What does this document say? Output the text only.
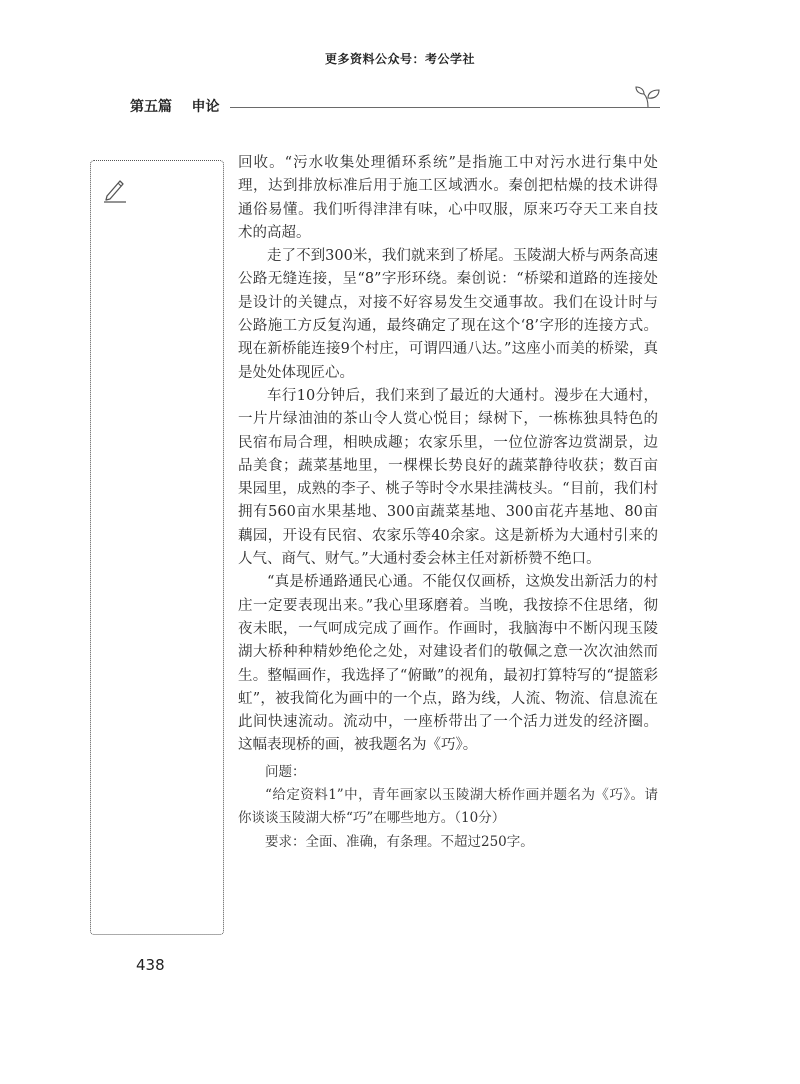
更多资料公众号：考公学社
第五篇    申论

回收。“污水收集处理循环系统”是指施工中对污水进行集中处理，达到排放标准后用于施工区域洒水。秦创把枯燥的技术讲得通俗易懂。我们听得津津有味，心中叹服，原来巧夺天工来自技术的高超。

走了不到300米，我们就来到了桥尾。玉陵湖大桥与两条高速公路无缝连接，呈“8”字形环绕。秦创说：“桥梁和道路的连接处是设计的关键点，对接不好容易发生交通事故。我们在设计时与公路施工方反复沟通，最终确定了现在这个‘8’字形的连接方式。现在新桥能连接9个村庄，可谓四通八达。”这座小而美的桥梁，真是处处体现匠心。

车行10分钟后，我们来到了最近的大通村。漫步在大通村，一片片绿油油的茶山令人赏心悦目；绿树下，一栋栋独具特色的民宿布局合理，相映成趣；农家乐里，一位位游客边赏湖景，边品美食；蔬菜基地里，一棵棵长势良好的蔬菜静待收获；数百亩果园里，成熟的李子、桃子等时令水果挂满枝头。“目前，我们村拥有560亩水果基地、300亩蔬菜基地、300亩花卉基地、80亩藕园，开设有民宿、农家乐等40余家。这是新桥为大通村引来的人气、商气、财气。”大通村委会林主任对新桥赞不绝口。

“真是桥通路通民心通。不能仅仅画桥，这焕发出新活力的村庄一定要表现出来。”我心里琢磨着。当晚，我按捺不住思绪，彻夜未眠，一气呵成完成了画作。作画时，我脑海中不断闪现玉陵湖大桥种种精妙绝伦之处，对建设者们的敬佩之意一次次油然而生。整幅画作，我选择了“俯瞰”的视角，最初打算特写的“提篮彩虹”，被我简化为画中的一个点，路为线，人流、物流、信息流在此间快速流动。流动中，一座桥带出了一个活力迸发的经济圈。这幅表现桥的画，被我题名为《巧》。

问题：

“给定资料1”中，青年画家以玉陵湖大桥作画并题名为《巧》。请你谈谈玉陵湖大桥“巧”在哪些地方。（10分）

要求：全面、准确，有条理。不超过250字。

438
